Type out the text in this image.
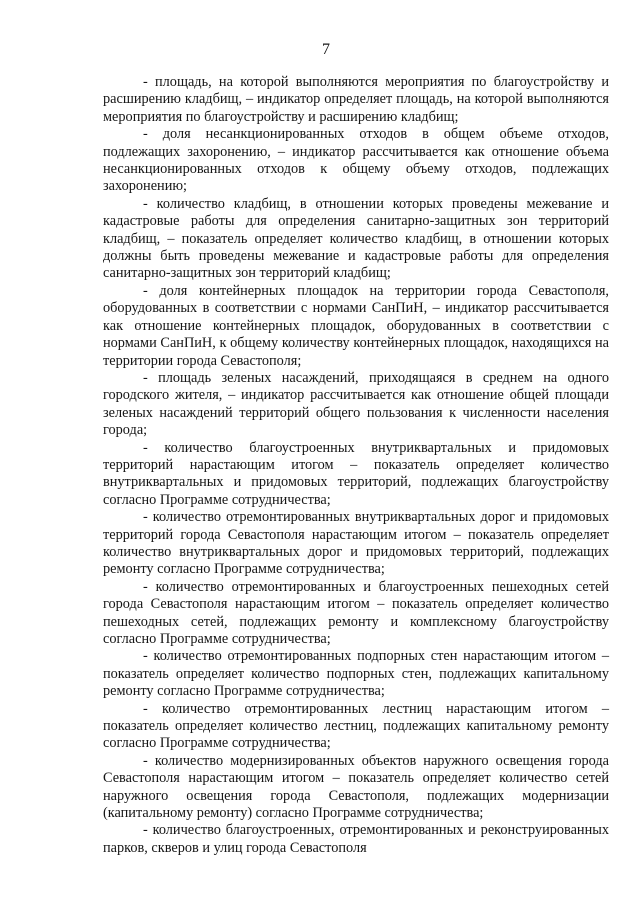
7

- площадь, на которой выполняются мероприятия по благоустройству и расширению кладбищ, – индикатор определяет площадь, на которой выполняются мероприятия по благоустройству и расширению кладбищ;

- доля несанкционированных отходов в общем объеме отходов, подлежащих захоронению, – индикатор рассчитывается как отношение объема несанкционированных отходов к общему объему отходов, подлежащих захоронению;

- количество кладбищ, в отношении которых проведены межевание и кадастровые работы для определения санитарно-защитных зон территорий кладбищ, – показатель определяет количество кладбищ, в отношении которых должны быть проведены межевание и кадастровые работы для определения санитарно-защитных зон территорий кладбищ;

- доля контейнерных площадок на территории города Севастополя, оборудованных в соответствии с нормами СанПиН, – индикатор рассчитывается как отношение контейнерных площадок, оборудованных в соответствии с нормами СанПиН, к общему количеству контейнерных площадок, находящихся на территории города Севастополя;

- площадь зеленых насаждений, приходящаяся в среднем на одного городского жителя, – индикатор рассчитывается как отношение общей площади зеленых насаждений территорий общего пользования к численности населения города;

- количество благоустроенных внутриквартальных и придомовых территорий нарастающим итогом – показатель определяет количество внутриквартальных и придомовых территорий, подлежащих благоустройству согласно Программе сотрудничества;

- количество отремонтированных внутриквартальных дорог и придомовых территорий города Севастополя нарастающим итогом – показатель определяет количество внутриквартальных дорог и придомовых территорий, подлежащих ремонту согласно Программе сотрудничества;

- количество отремонтированных и благоустроенных пешеходных сетей города Севастополя нарастающим итогом – показатель определяет количество пешеходных сетей, подлежащих ремонту и комплексному благоустройству согласно Программе сотрудничества;

- количество отремонтированных подпорных стен нарастающим итогом – показатель определяет количество подпорных стен, подлежащих капитальному ремонту согласно Программе сотрудничества;

- количество отремонтированных лестниц нарастающим итогом – показатель определяет количество лестниц, подлежащих капитальному ремонту согласно Программе сотрудничества;

- количество модернизированных объектов наружного освещения города Севастополя нарастающим итогом – показатель определяет количество сетей наружного освещения города Севастополя, подлежащих модернизации (капитальному ремонту) согласно Программе сотрудничества;

- количество благоустроенных, отремонтированных и реконструированных парков, скверов и улиц города Севастополя
